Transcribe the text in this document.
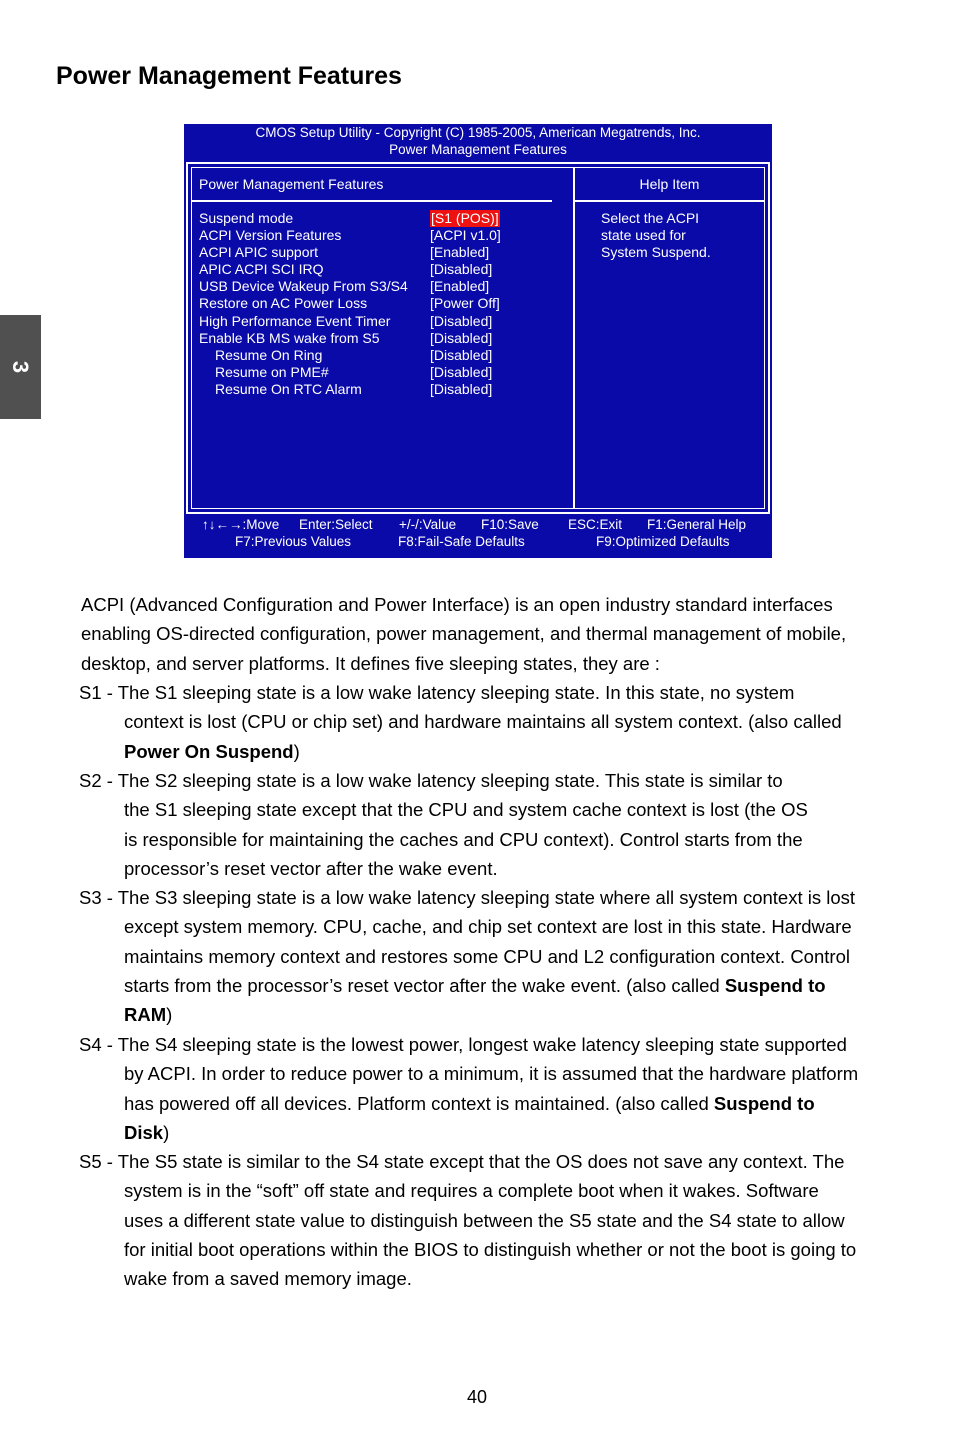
Power Management Features
3
CMOS Setup Utility - Copyright (C) 1985-2005, American Megatrends, Inc.
Power Management Features
Power Management Features
Suspend mode	[S1 (POS)]
ACPI Version Features	[ACPI v1.0]
ACPI APIC support	[Enabled]
APIC ACPI SCI IRQ	[Disabled]
USB Device Wakeup From S3/S4 [Enabled]
Restore on AC Power Loss	[Power Off]
High Performance Event Timer	[Disabled]
Enable KB MS wake from S5	[Disabled]
Resume On Ring	[Disabled]
Resume on PME#	[Disabled]
Resume On RTC Alarm	[Disabled]
Help Item
Select the ACPI
state used for
System Suspend.
↑↓←→:Move Enter:Select +/-/:Value F10:Save ESC:Exit F1:General Help
F7:Previous Values	F8:Fail-Safe Defaults	F9:Optimized Defaults
ACPI (Advanced Configuration and Power Interface) is an open industry standard interfaces
enabling OS-directed configuration, power management, and thermal management of mobile,
desktop, and server platforms. It defines five sleeping states, they are :
S1 - The S1 sleeping state is a low wake latency sleeping state. In this state, no system
context is lost (CPU or chip set) and hardware maintains all system context. (also called
Power On Suspend)
S2 - The S2 sleeping state is a low wake latency sleeping state. This state is similar to
the S1 sleeping state except that the CPU and system cache context is lost (the OS
is responsible for maintaining the caches and CPU context). Control starts from the
processor’s reset vector after the wake event.
S3 - The S3 sleeping state is a low wake latency sleeping state where all system context is lost
except system memory. CPU, cache, and chip set context are lost in this state. Hardware
maintains memory context and restores some CPU and L2 configuration context. Control
starts from the processor’s reset vector after the wake event. (also called Suspend to
RAM)
S4 - The S4 sleeping state is the lowest power, longest wake latency sleeping state supported
by ACPI. In order to reduce power to a minimum, it is assumed that the hardware platform
has powered off all devices. Platform context is maintained. (also called Suspend to
Disk)
S5 - The S5 state is similar to the S4 state except that the OS does not save any context. The
system is in the “soft” off state and requires a complete boot when it wakes. Software
uses a different state value to distinguish between the S5 state and the S4 state to allow
for initial boot operations within the BIOS to distinguish whether or not the boot is going to
wake from a saved memory image.
40
